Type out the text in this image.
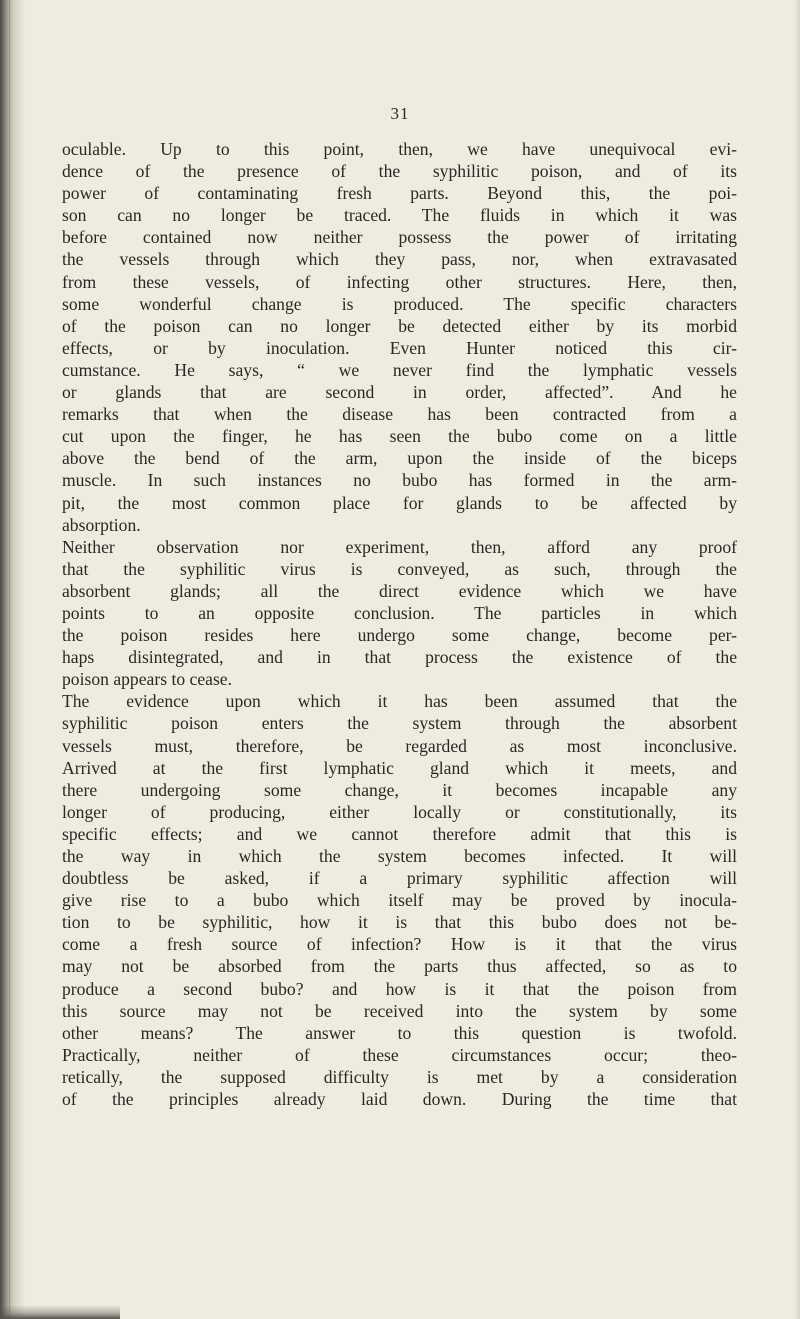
31
oculable. Up to this point, then, we have unequivocal evi-
dence of the presence of the syphilitic poison, and of its
power of contaminating fresh parts. Beyond this, the poi-
son can no longer be traced. The fluids in which it was
before contained now neither possess the power of irritating
the vessels through which they pass, nor, when extravasated
from these vessels, of infecting other structures. Here, then,
some wonderful change is produced. The specific characters
of the poison can no longer be detected either by its morbid
effects, or by inoculation. Even Hunter noticed this cir-
cumstance. He says, “ we never find the lymphatic vessels
or glands that are second in order, affected”. And he
remarks that when the disease has been contracted from a
cut upon the finger, he has seen the bubo come on a little
above the bend of the arm, upon the inside of the biceps
muscle. In such instances no bubo has formed in the arm-
pit, the most common place for glands to be affected by
absorption.
Neither observation nor experiment, then, afford any proof
that the syphilitic virus is conveyed, as such, through the
absorbent glands; all the direct evidence which we have
points to an opposite conclusion. The particles in which
the poison resides here undergo some change, become per-
haps disintegrated, and in that process the existence of the
poison appears to cease.
The evidence upon which it has been assumed that the
syphilitic poison enters the system through the absorbent
vessels must, therefore, be regarded as most inconclusive.
Arrived at the first lymphatic gland which it meets, and
there undergoing some change, it becomes incapable any
longer of producing, either locally or constitutionally, its
specific effects; and we cannot therefore admit that this is
the way in which the system becomes infected. It will
doubtless be asked, if a primary syphilitic affection will
give rise to a bubo which itself may be proved by inocula-
tion to be syphilitic, how it is that this bubo does not be-
come a fresh source of infection? How is it that the virus
may not be absorbed from the parts thus affected, so as to
produce a second bubo? and how is it that the poison from
this source may not be received into the system by some
other means? The answer to this question is twofold.
Practically, neither of these circumstances occur; theo-
retically, the supposed difficulty is met by a consideration
of the principles already laid down. During the time that
